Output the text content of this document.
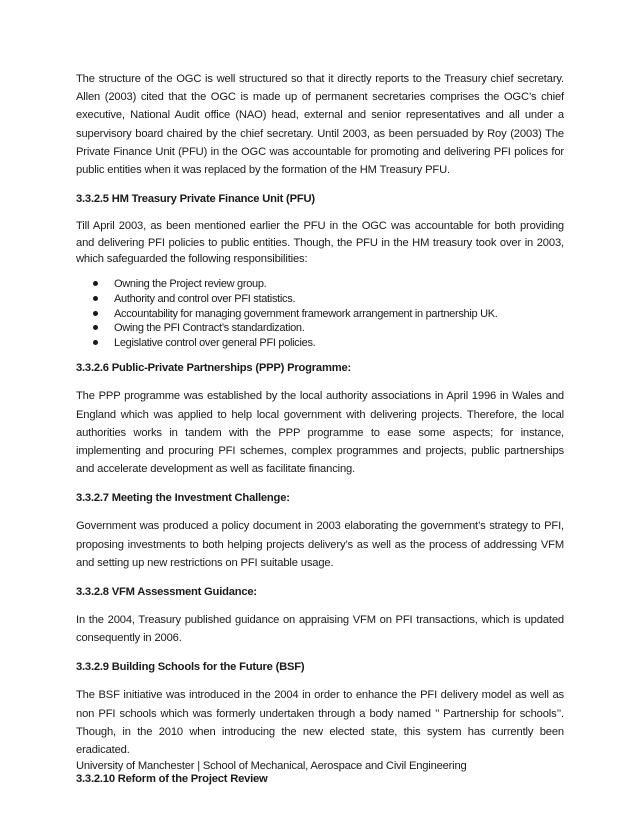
The structure of the OGC is well structured so that it directly reports to the Treasury chief secretary. Allen (2003) cited that the OGC is made up of permanent secretaries comprises the OGC’s chief executive, National Audit office (NAO) head, external and senior representatives and all under a supervisory board chaired by the chief secretary. Until 2003, as been persuaded by Roy (2003) The Private Finance Unit (PFU) in the OGC was accountable for promoting and delivering PFI polices for public entities when it was replaced by the formation of the HM Treasury PFU.

3.3.2.5 HM Treasury Private Finance Unit (PFU)

Till April 2003, as been mentioned earlier the PFU in the OGC was accountable for both providing and delivering PFI policies to public entities. Though, the PFU in the HM treasury took over in 2003, which safeguarded the following responsibilities:

Owning the Project review group.
Authority and control over PFI statistics.
Accountability for managing government framework arrangement in partnership UK.
Owing the PFI Contract’s standardization.
Legislative control over general PFI policies.
3.3.2.6 Public-Private Partnerships (PPP) Programme:

The PPP programme was established by the local authority associations in April 1996 in Wales and England which was applied to help local government with delivering projects. Therefore, the local authorities works in tandem with the PPP programme to ease some aspects; for instance, implementing and procuring PFI schemes, complex programmes and projects, public partnerships and accelerate development as well as facilitate financing.

3.3.2.7 Meeting the Investment Challenge:

Government was produced a policy document in 2003 elaborating the government’s strategy to PFI, proposing investments to both helping projects delivery’s as well as the process of addressing VFM and setting up new restrictions on PFI suitable usage.

3.3.2.8 VFM Assessment Guidance:

In the 2004, Treasury published guidance on appraising VFM on PFI transactions, which is updated consequently in 2006.

3.3.2.9 Building Schools for the Future (BSF)

The BSF initiative was introduced in the 2004 in order to enhance the PFI delivery model as well as non PFI schools which was formerly undertaken through a body named ’’ Partnership for schools’’. Though, in the 2010 when introducing the new elected state, this system has currently been eradicated.

3.3.2.10 Reform of the Project Review
University of Manchester | School of Mechanical, Aerospace and Civil Engineering
